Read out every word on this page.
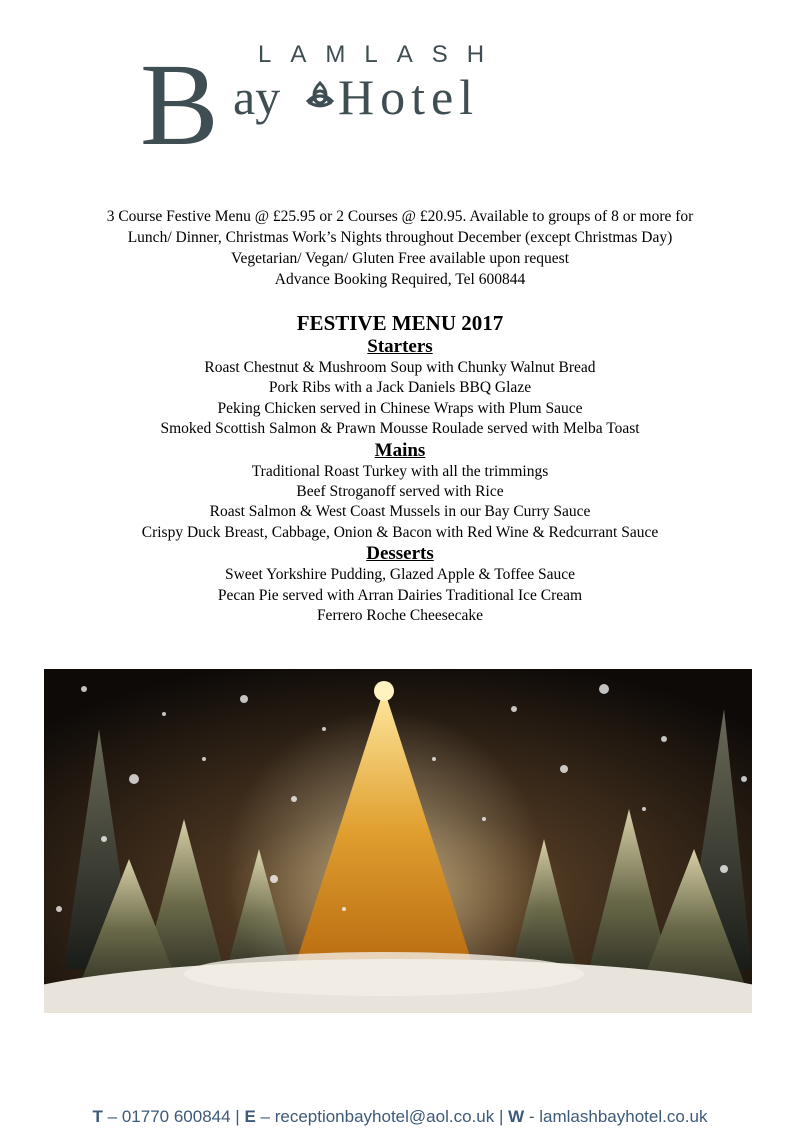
LAMLASH
B ay Hotel
3 Course Festive Menu @ £25.95 or 2 Courses @ £20.95. Available to groups of 8 or more for
Lunch/ Dinner, Christmas Work’s Nights throughout December (except Christmas Day)
Vegetarian/ Vegan/ Gluten Free available upon request
Advance Booking Required, Tel 600844
FESTIVE MENU 2017
Starters
Roast Chestnut & Mushroom Soup with Chunky Walnut Bread
Pork Ribs with a Jack Daniels BBQ Glaze
Peking Chicken served in Chinese Wraps with Plum Sauce
Smoked Scottish Salmon & Prawn Mousse Roulade served with Melba Toast
Mains
Traditional Roast Turkey with all the trimmings
Beef Stroganoff served with Rice
Roast Salmon & West Coast Mussels in our Bay Curry Sauce
Crispy Duck Breast, Cabbage, Onion & Bacon with Red Wine & Redcurrant Sauce
Desserts
Sweet Yorkshire Pudding, Glazed Apple & Toffee Sauce
Pecan Pie served with Arran Dairies Traditional Ice Cream
Ferrero Roche Cheesecake
T – 01770 600844 | E – receptionbayhotel@aol.co.uk | W - lamlashbayhotel.co.uk
